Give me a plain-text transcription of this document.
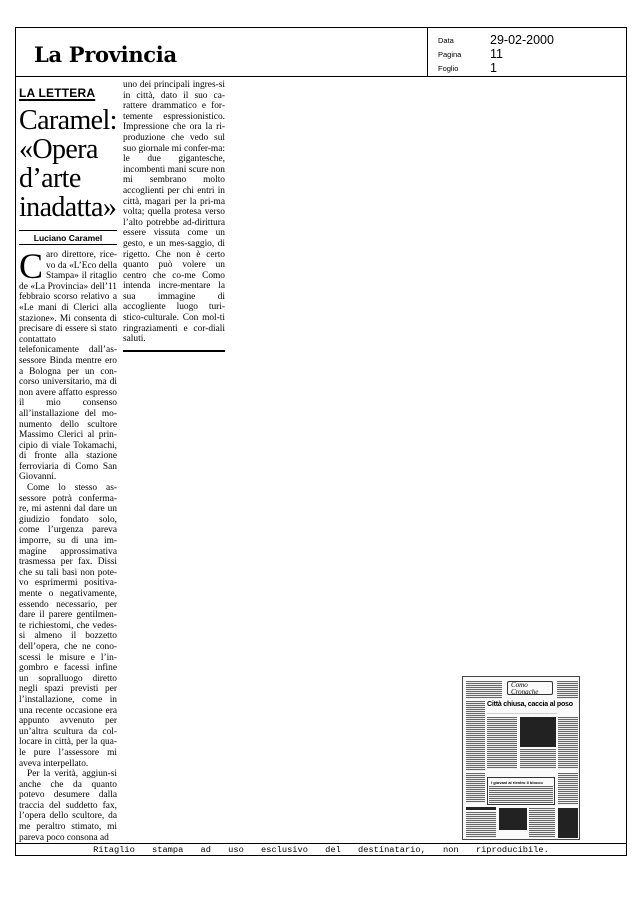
La Provincia
Data	29-02-2000
Pagina 11
Foglio	1
LA LETTERA
Caramel:
«Opera
d’arte
inadatta»
Luciano Caramel

Caro direttore, rice-vo da «L’Eco della Stampa» il ritaglio de «La Provincia» dell’11 febbraio scorso relativo a «Le mani di Clerici alla stazione». Mi consenta di precisare di essere sì stato contattato telefonicamente dall’as-sessore Binda mentre ero a Bologna per un con-corso universitario, ma di non avere affatto espresso il mio consenso all’installazione del mo-numento dello scultore Massimo Clerici al prin-cipio di viale Tokamachi, di fronte alla stazione ferroviaria di Como San Giovanni.

Come lo stesso as-sessore potrà conferma-re, mi astenni dal dare un giudizio fondato solo, come l’urgenza pareva imporre, su di una im-magine approssimativa trasmessa per fax. Dissi che su tali basi non pote-vo esprimermi positiva-mente o negativamente, essendo necessario, per dare il parere gentilmen-te richiestomi, che vedes-si almeno il bozzetto dell’opera, che ne cono-scessi le misure e l’in-gombro e facessi infine un sopralluogo diretto negli spazi previsti per l’installazione, come in una recente occasione era appunto avvenuto per un’altra scultura da col-locare in città, per la qua-le pure l’assessore mi aveva interpellato.

Per la verità, aggiun-si anche che da quanto potevo desumere dalla traccia del suddetto fax, l’opera dello scultore, da me peraltro stimato, mi pareva poco consona ad

uno dei principali ingres-si in città, dato il suo ca-rattere drammatico e for-temente espressionistico. Impressione che ora la ri-produzione che vedo sul suo giornale mi confer-ma: le due gigantesche, incombenti mani scure non mi sembrano molto accoglienti per chi entri in città, magari per la pri-ma volta; quella protesa verso l’alto potrebbe ad-dirittura essere vissuta come un gesto, e un mes-saggio, di rigetto. Che non è certo quanto può volere un centro che co-me Como intenda incre-mentare la sua immagine di accogliente luogo turi-stico-culturale. Con mol-ti ringraziamenti e cor-diali saluti.

Como
Cronache
Città chiusa, caccia al poso
~~~~~~~~~~~~~~~~~~~~~~~~~~~~~~~~~~~~~~~~~~~
I giovani al rientro il blocco
Ritaglio stampa ad uso esclusivo del destinatario, non riproducibile.
